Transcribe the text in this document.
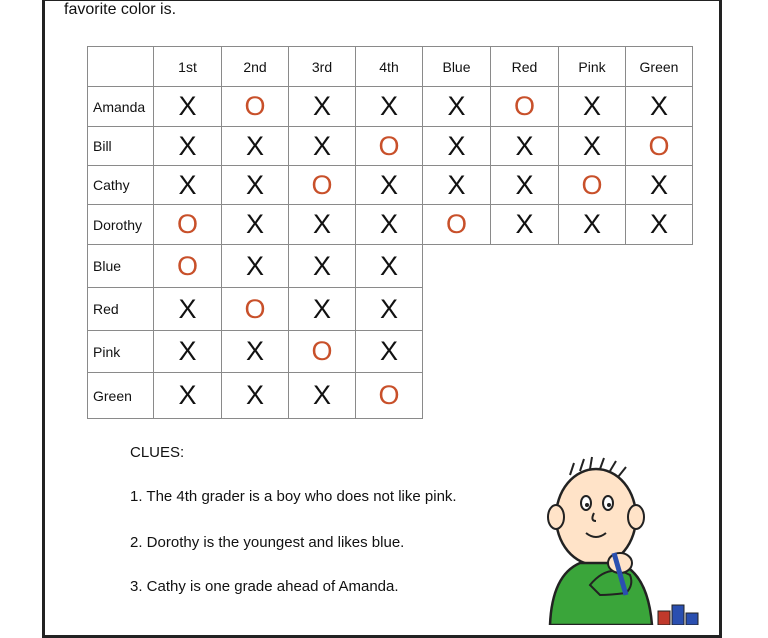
favorite color is.
1st	2nd	3rd	4th	Blue	Red	Pink	Green
Amanda	X O X X X O X X
Bill	X X X O X X X O
Cathy	X X O X X X O X
Dorothy	O X X X O X X X
Blue	O X X X
Red	X O X X
Pink	X X O X
Green	X X X O
CLUES:
1. The 4th grader is a boy who does not like pink.
2. Dorothy is the youngest and likes blue.
3. Cathy is one grade ahead of Amanda.
